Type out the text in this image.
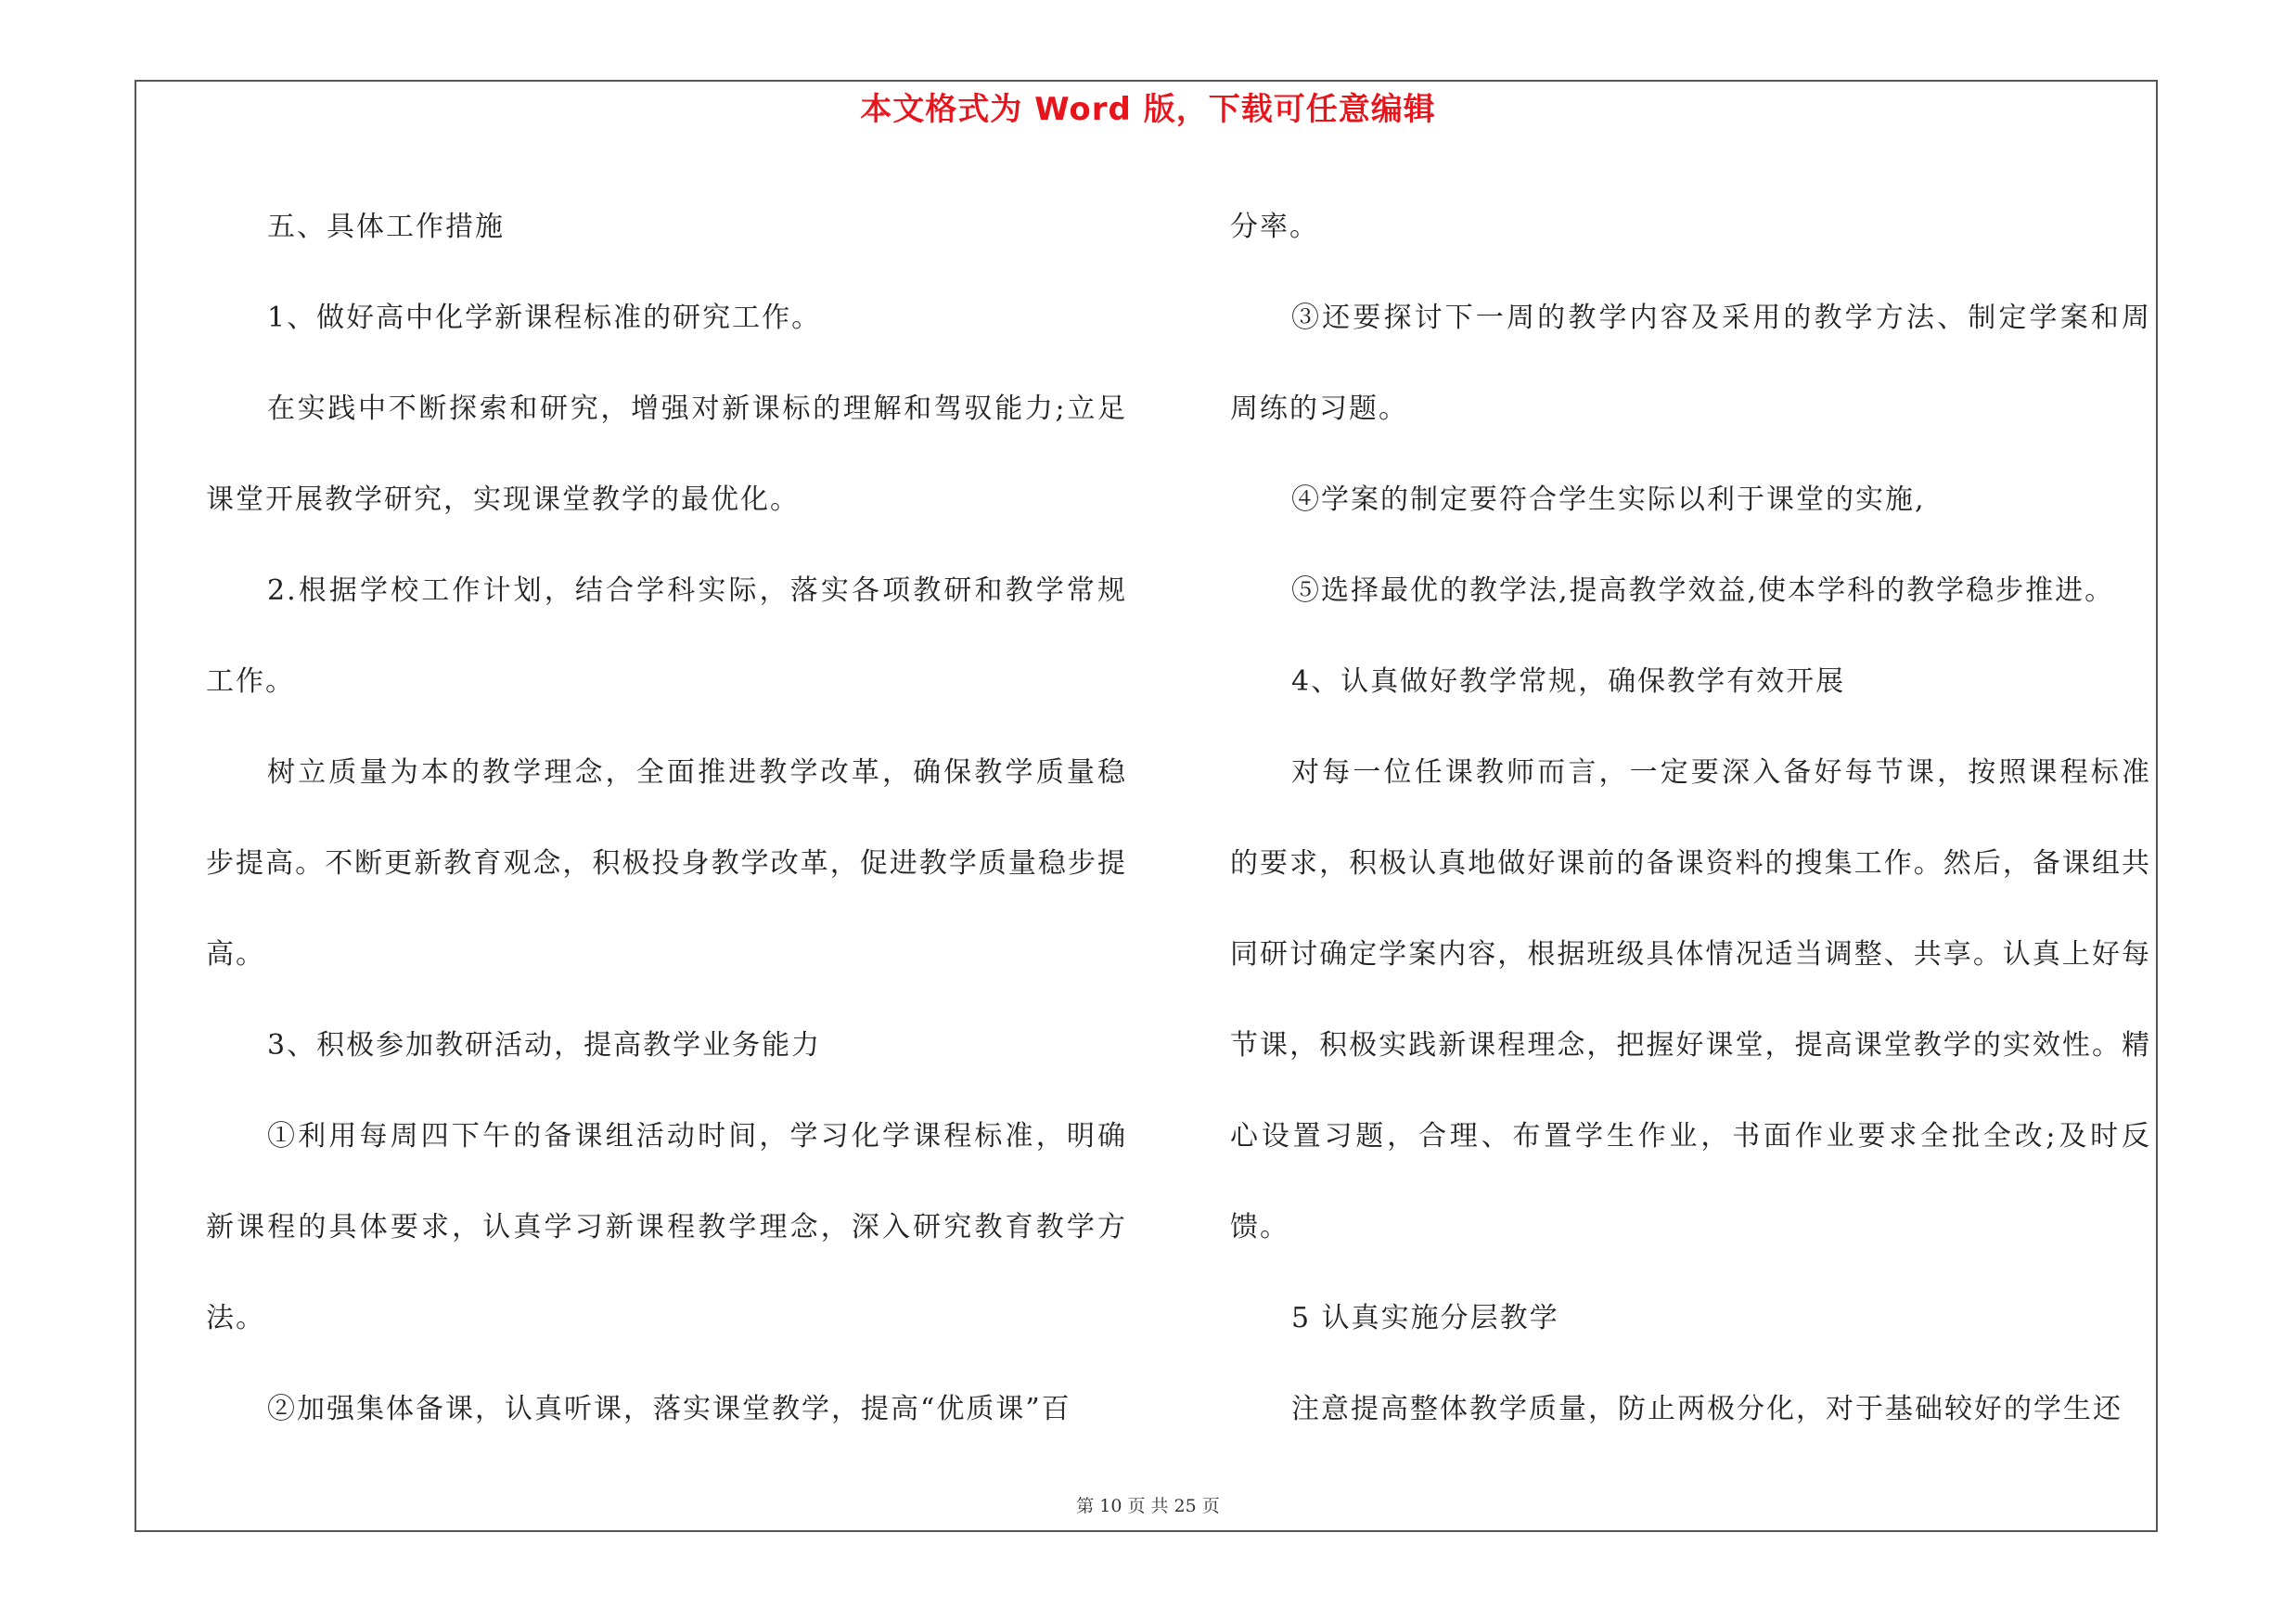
本文格式为 Word 版，下载可任意编辑

五、具体工作措施

1、做好高中化学新课程标准的研究工作。

在实践中不断探索和研究，增强对新课标的理解和驾驭能力;立足课堂开展教学研究，实现课堂教学的最优化。

2.根据学校工作计划，结合学科实际，落实各项教研和教学常规工作。

树立质量为本的教学理念，全面推进教学改革，确保教学质量稳步提高。不断更新教育观念，积极投身教学改革，促进教学质量稳步提高。

3、积极参加教研活动，提高教学业务能力

①利用每周四下午的备课组活动时间，学习化学课程标准，明确新课程的具体要求，认真学习新课程教学理念，深入研究教育教学方法。

②加强集体备课，认真听课，落实课堂教学，提高“优质课”百

分率。

③还要探讨下一周的教学内容及采用的教学方法、制定学案和周周练的习题。

④学案的制定要符合学生实际以利于课堂的实施,

⑤选择最优的教学法,提高教学效益,使本学科的教学稳步推进。

4、认真做好教学常规，确保教学有效开展

对每一位任课教师而言，一定要深入备好每节课，按照课程标准的要求，积极认真地做好课前的备课资料的搜集工作。然后，备课组共同研讨确定学案内容，根据班级具体情况适当调整、共享。认真上好每节课，积极实践新课程理念，把握好课堂，提高课堂教学的实效性。精心设置习题，合理、布置学生作业，书面作业要求全批全改;及时反馈。

5 认真实施分层教学

注意提高整体教学质量，防止两极分化，对于基础较好的学生还

第 10 页 共 25 页
